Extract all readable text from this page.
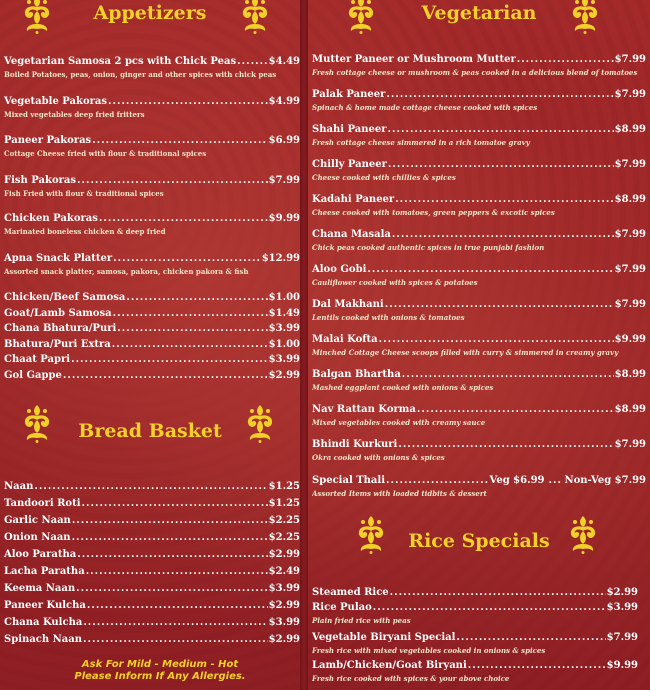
Appetizers
Vegetarian Samosa 2 pcs with Chick Peas .....	$4.49
Boiled Potatoes, peas, onion, ginger and other spices with chick peas
Vegetable Pakoras .....	$4.99
Mixed vegetables deep fried fritters
Paneer Pakoras .....	$6.99
Cottage Cheese fried with flour & traditional spices
Fish Pakoras .....	$7.99
Fish Fried with flour & traditional spices
Chicken Pakoras .....	$9.99
Marinated boneless chicken & deep fried
Apna Snack Platter .....	$12.99
Assorted snack platter, samosa, pakora, chicken pakora & fish
Chicken/Beef Samosa .....	$1.00
Goat/Lamb Samosa .....	$1.49
Chana Bhatura/Puri .....	$3.99
Bhatura/Puri Extra .....	$1.00
Chaat Papri .....	$3.99
Gol Gappe .....	$2.99
Bread Basket
Naan .....	$1.25
Tandoori Roti .....	$1.25
Garlic Naan .....	$2.25
Onion Naan .....	$2.25
Aloo Paratha .....	$2.99
Lacha Paratha .....	$2.49
Keema Naan .....	$3.99
Paneer Kulcha .....	$2.99
Chana Kulcha .....	$3.99
Spinach Naan .....	$2.99
Ask For Mild - Medium - Hot
Please Inform If Any Allergies.
Vegetarian
Mutter Paneer or Mushroom Mutter .....	$7.99
Fresh cottage cheese or mushroom & peas cooked in a delicious blend of tomatoes
Palak Paneer .....	$7.99
Spinach & home made cottage cheese cooked with spices
Shahi Paneer .....	$8.99
Fresh cottage cheese simmered in a rich tomatoe gravy
Chilly Paneer .....	$7.99
Cheese cooked with chillies & spices
Kadahi Paneer .....	$8.99
Cheese cooked with tomatoes, green peppers & excotic spices
Chana Masala .....	$7.99
Chick peas cooked authentic spices in true punjabi fashion
Aloo Gobi .....	$7.99
Cauliflower cooked with spices & potatoes
Dal Makhani .....	$7.99
Lentils cooked with onions & tomatoes
Malai Kofta .....	$9.99
Minched Cottage Cheese scoops filled with curry & simmered in creamy gravy
Balgan Bhartha .....	$8.99
Mashed eggplant cooked with onions & spices
Nav Rattan Korma .....	$8.99
Mixed vegetables cooked with creamy sauce
Bhindi Kurkuri .....	$7.99
Okra cooked with onions & spices
Special Thali .....	Veg $6.99 ..... Non-Veg $7.99
Assorted Items with loaded tidbits & dessert
Rice Specials
Steamed Rice .....	$2.99
Rice Pulao .....	$3.99
Plain fried rice with peas
Vegetable Biryani Special .....	$7.99
Fresh rice with mixed vegetables cooked in onions & spices
Lamb/Chicken/Goat Biryani .....	$9.99
Fresh rice cooked with spices & your above choice
